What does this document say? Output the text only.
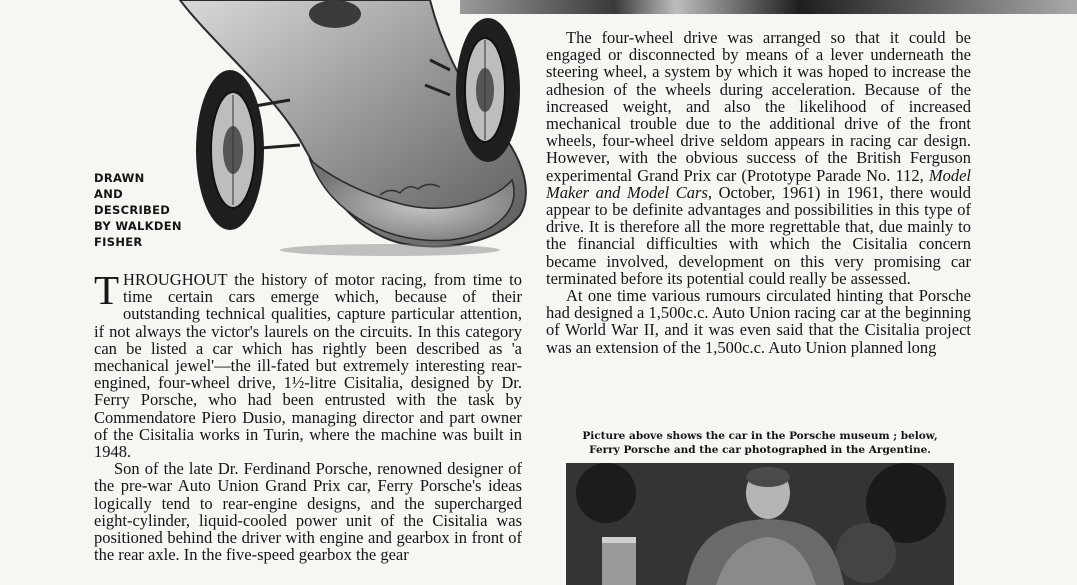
DRAWN
AND
DESCRIBED
BY WALKDEN
FISHER

THROUGHOUT the history of motor racing, from time to time certain cars emerge which, because of their outstanding technical qualities, capture particular attention, if not always the victor's laurels on the circuits. In this category can be listed a car which has rightly been described as 'a mechanical jewel'—the ill-fated but extremely interesting rear-engined, four-wheel drive, 1½-litre Cisitalia, designed by Dr. Ferry Porsche, who had been entrusted with the task by Commendatore Piero Dusio, managing director and part owner of the Cisitalia works in Turin, where the machine was built in 1948.

Son of the late Dr. Ferdinand Porsche, renowned designer of the pre-war Auto Union Grand Prix car, Ferry Porsche's ideas logically tend to rear-engine designs, and the supercharged eight-cylinder, liquid-cooled power unit of the Cisitalia was positioned behind the driver with engine and gearbox in front of the rear axle. In the five-speed gearbox the gear

The four-wheel drive was arranged so that it could be engaged or disconnected by means of a lever underneath the steering wheel, a system by which it was hoped to increase the adhesion of the wheels during acceleration. Because of the increased weight, and also the likelihood of increased mechanical trouble due to the additional drive of the front wheels, four-wheel drive seldom appears in racing car design. However, with the obvious success of the British Ferguson experimental Grand Prix car (Prototype Parade No. 112, Model Maker and Model Cars, October, 1961) in 1961, there would appear to be definite advantages and possibilities in this type of drive. It is therefore all the more regrettable that, due mainly to the financial difficulties with which the Cisitalia concern became involved, development on this very promising car terminated before its potential could really be assessed.

At one time various rumours circulated hinting that Porsche had designed a 1,500c.c. Auto Union racing car at the beginning of World War II, and it was even said that the Cisitalia project was an extension of the 1,500c.c. Auto Union planned long

Picture above shows the car in the Porsche museum ; below,
Ferry Porsche and the car photographed in the Argentine.
